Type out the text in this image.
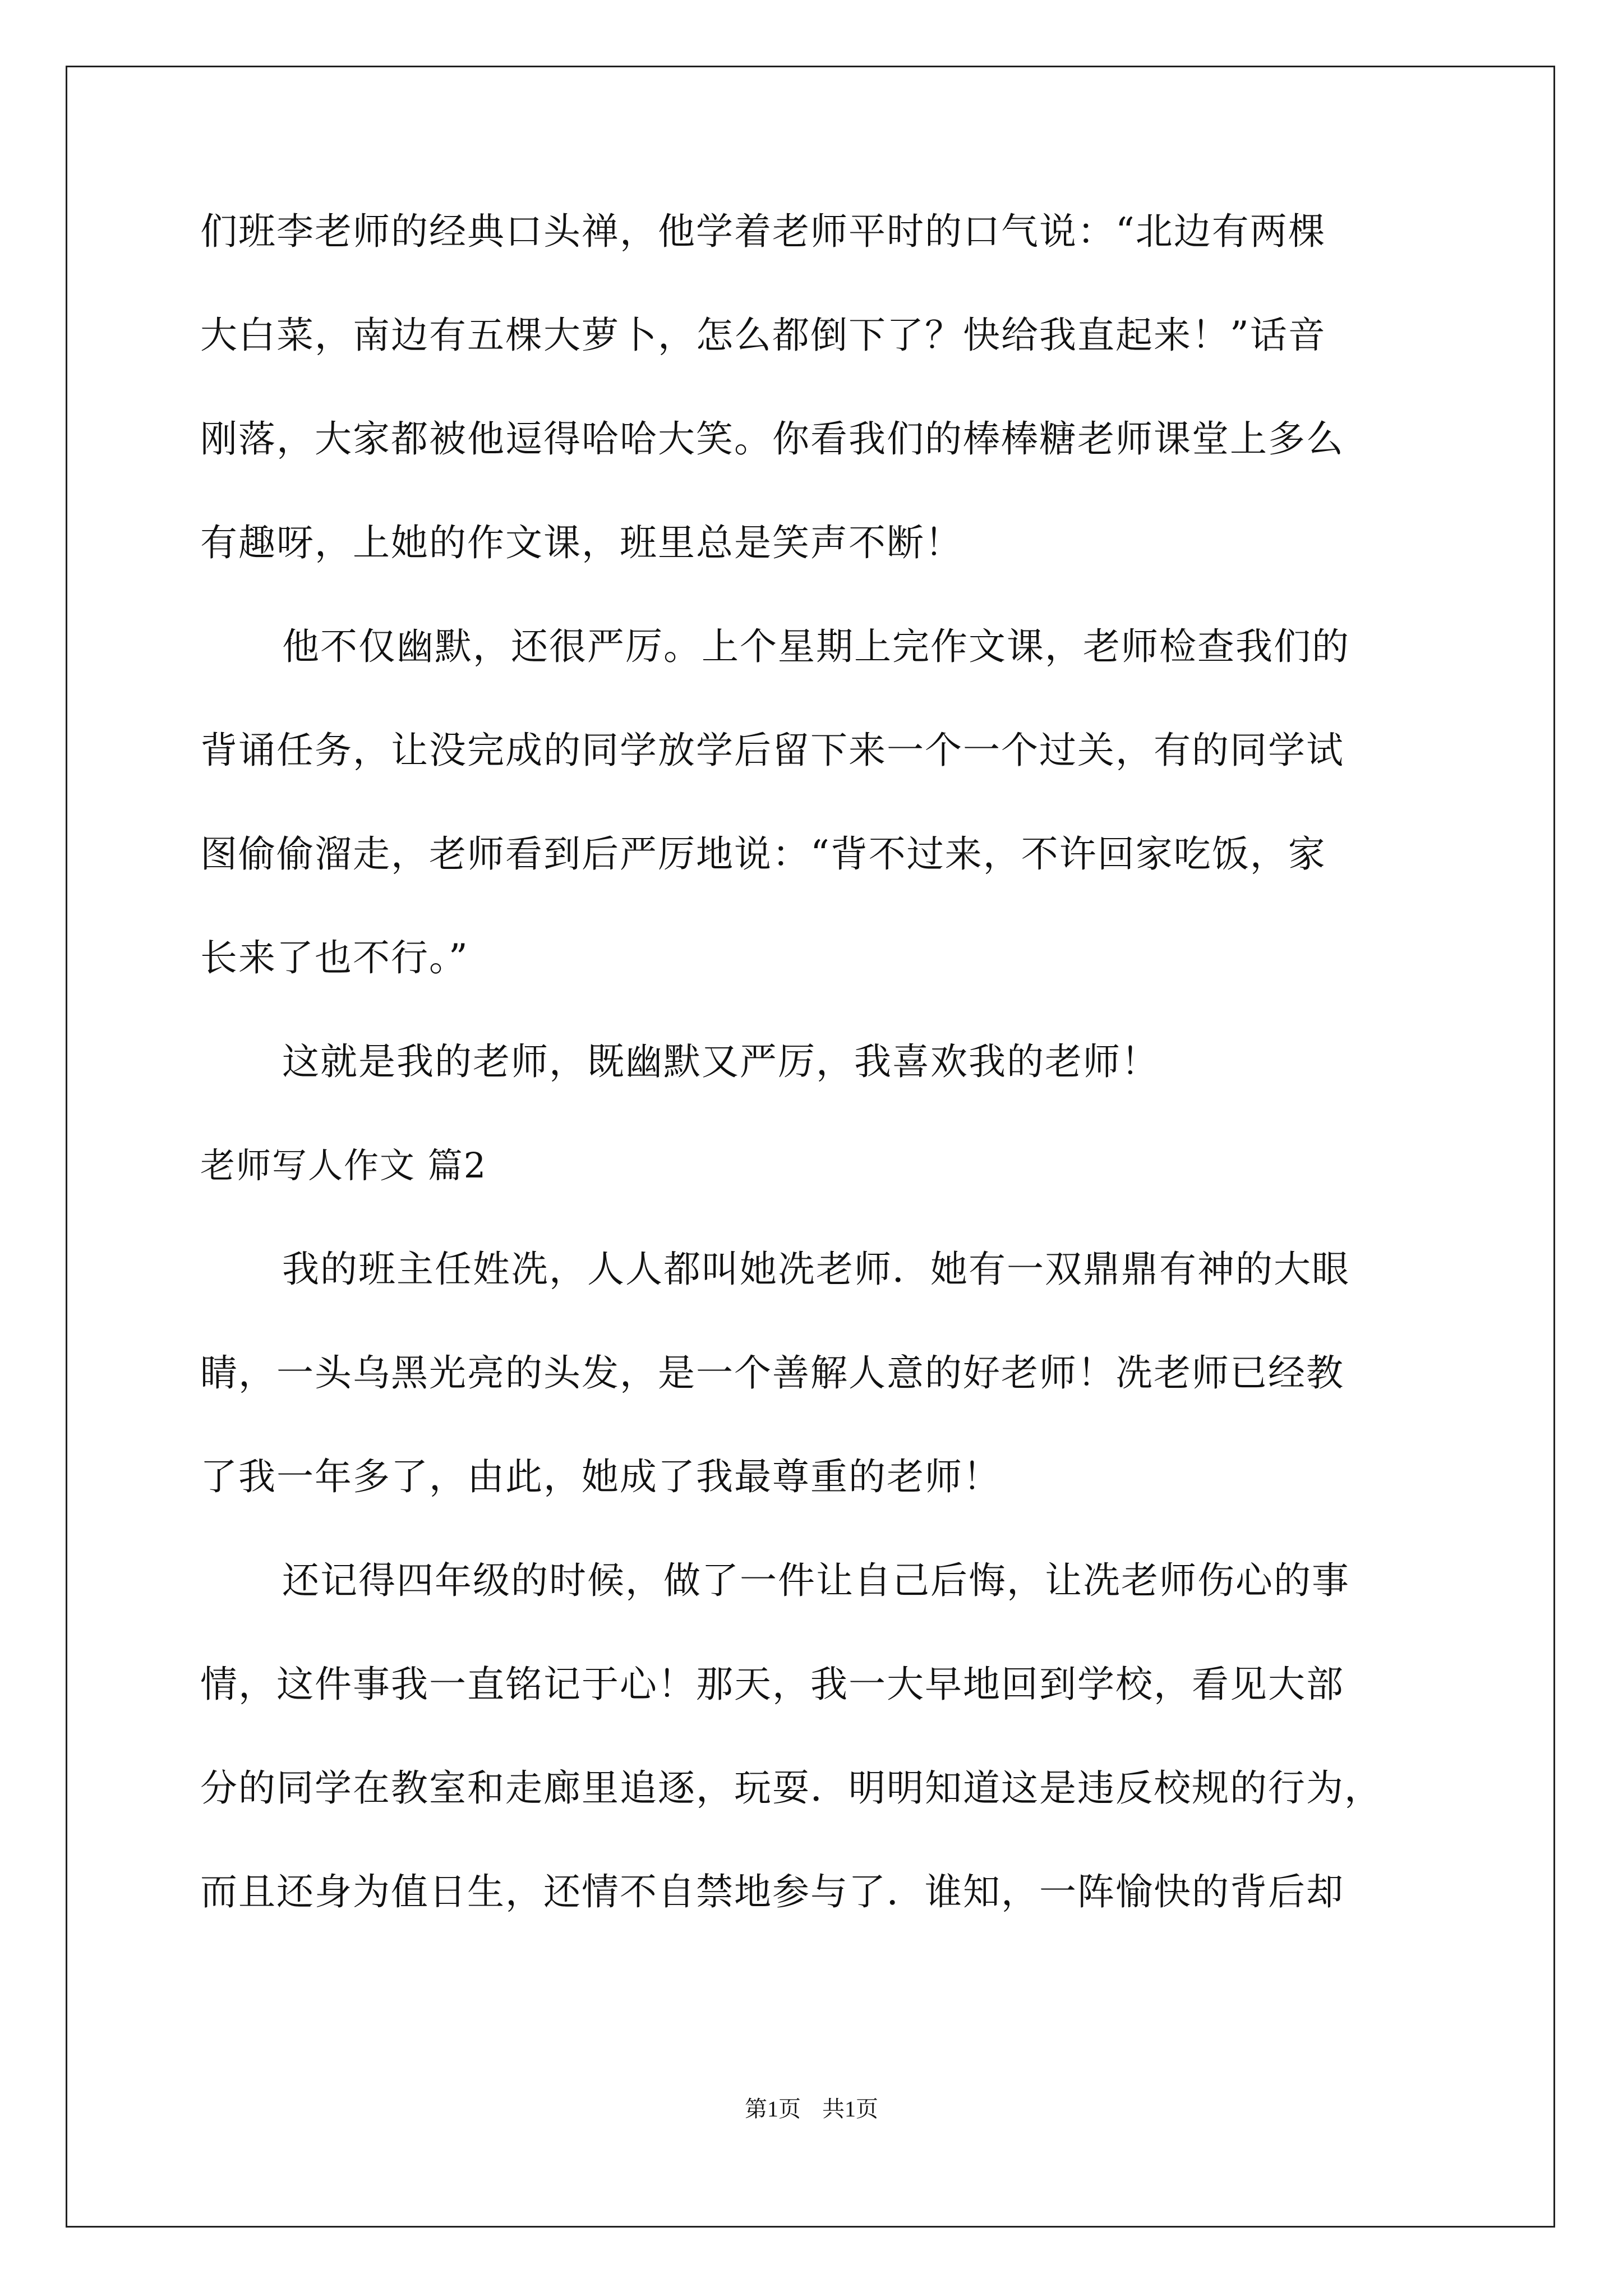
们班李老师的经典口头禅，他学着老师平时的口气说：“北边有两棵

大白菜，南边有五棵大萝卜，怎么都倒下了？快给我直起来！”话音

刚落，大家都被他逗得哈哈大笑。你看我们的棒棒糖老师课堂上多么

有趣呀，上她的作文课，班里总是笑声不断！

他不仅幽默，还很严厉。上个星期上完作文课，老师检查我们的

背诵任务，让没完成的同学放学后留下来一个一个过关，有的同学试

图偷偷溜走，老师看到后严厉地说：“背不过来，不许回家吃饭，家

长来了也不行。”

这就是我的老师，既幽默又严厉，我喜欢我的老师！

老师写人作文 篇2

我的班主任姓冼，人人都叫她冼老师．她有一双鼎鼎有神的大眼

睛，一头乌黑光亮的头发，是一个善解人意的好老师！冼老师已经教

了我一年多了，由此，她成了我最尊重的老师！

还记得四年级的时候，做了一件让自己后悔，让冼老师伤心的事

情，这件事我一直铭记于心！那天，我一大早地回到学校，看见大部

分的同学在教室和走廊里追逐，玩耍．明明知道这是违反校规的行为，

而且还身为值日生，还情不自禁地参与了．谁知，一阵愉快的背后却

第1页 共1页
